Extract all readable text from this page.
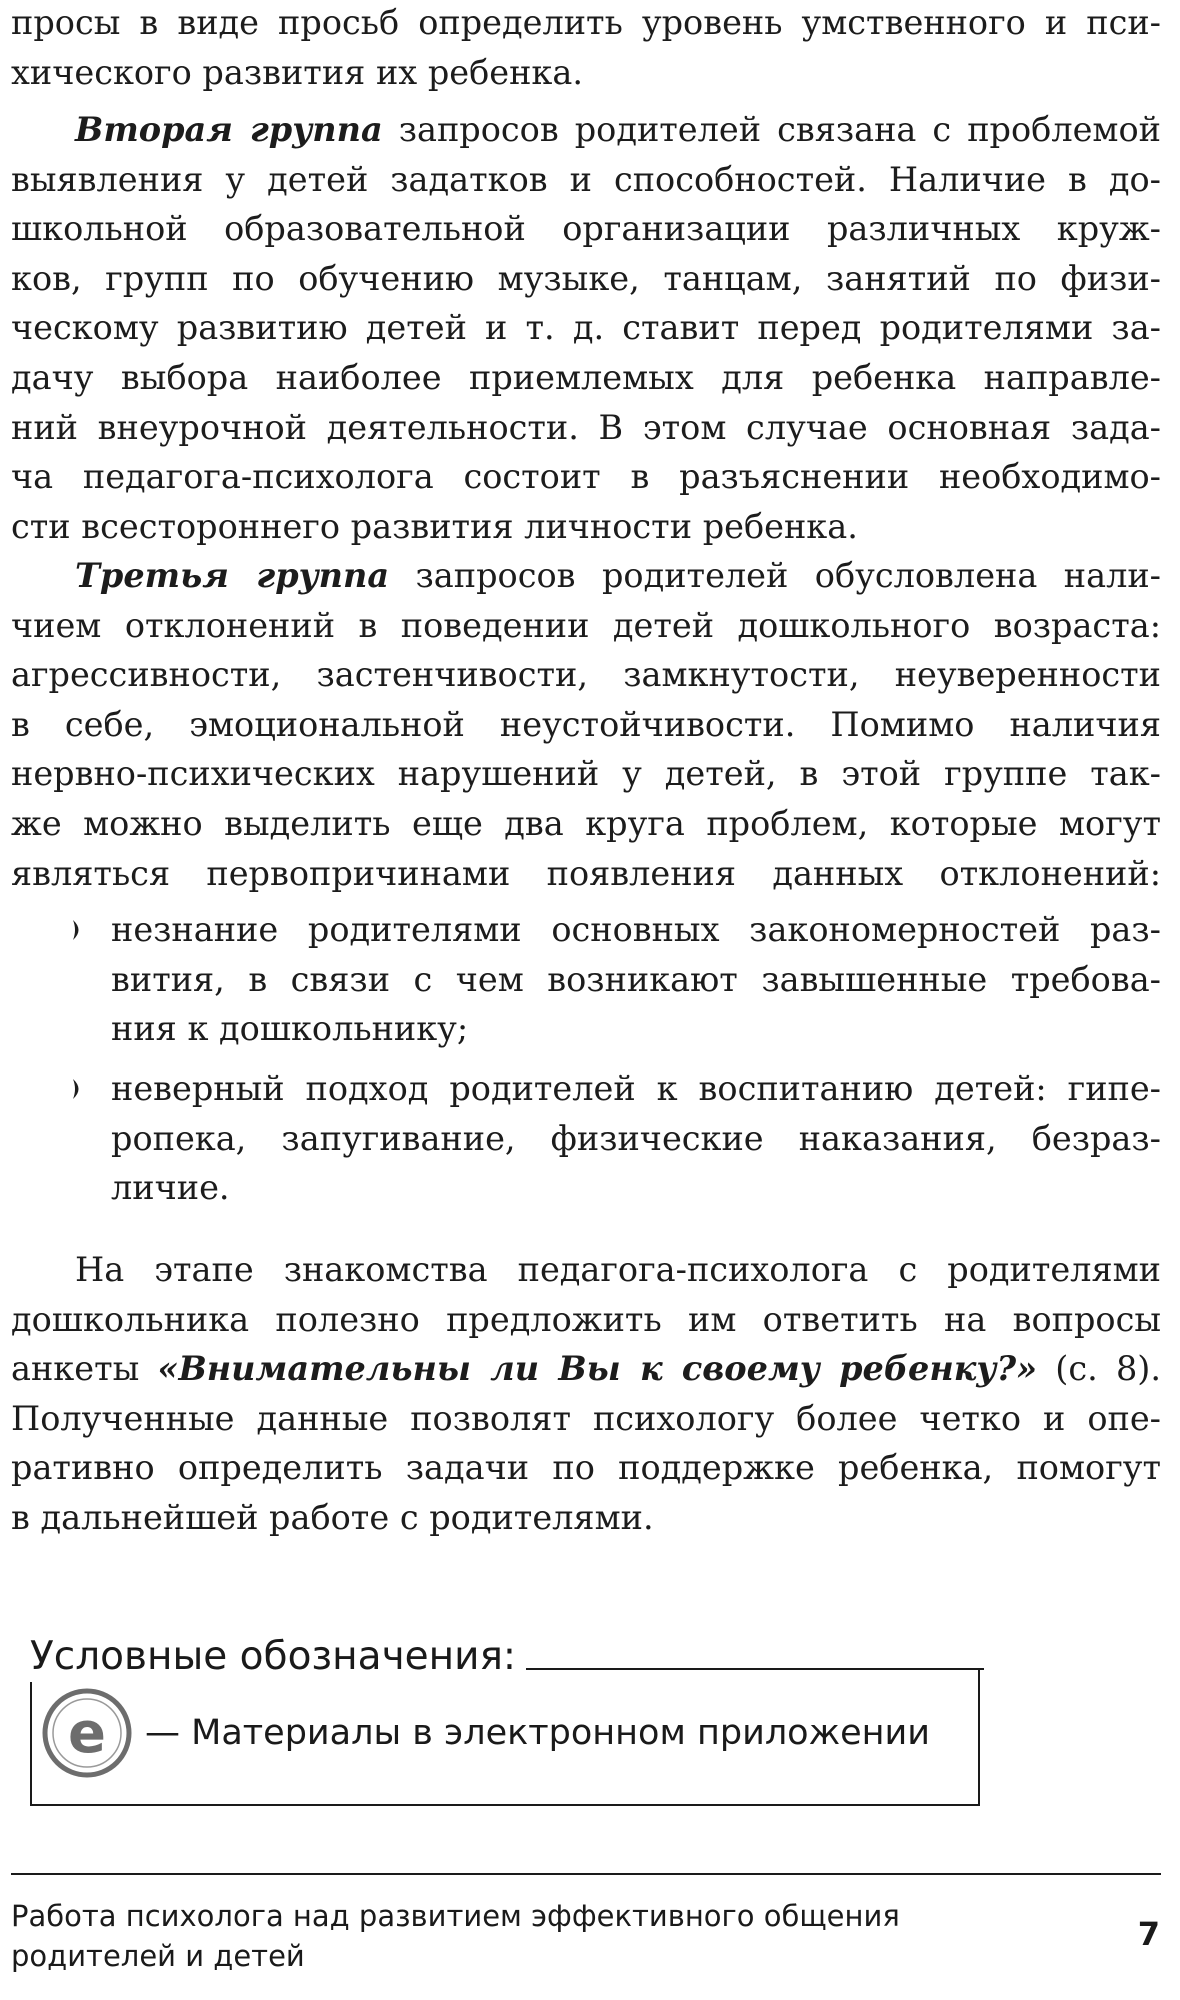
просы в виде просьб определить уровень умственного и пси-
хического развития их ребенка.
Вторая группа запросов родителей связана с проблемой
выявления у детей задатков и способностей. Наличие в до-
школьной образовательной организации различных круж-
ков, групп по обучению музыке, танцам, занятий по физи-
ческому развитию детей и т. д. ставит перед родителями за-
дачу выбора наиболее приемлемых для ребенка направле-
ний внеурочной деятельности. В этом случае основная зада-
ча педагога-психолога состоит в разъяснении необходимо-
сти всестороннего развития личности ребенка.
Третья группа запросов родителей обусловлена нали-
чием отклонений в поведении детей дошкольного возраста:
агрессивности, застенчивости, замкнутости, неуверенности
в себе, эмоциональной неустойчивости. Помимо наличия
нервно-психических нарушений у детей, в этой группе так-
же можно выделить еще два круга проблем, которые могут
являться первопричинами появления данных отклонений:
незнание родителями основных закономерностей раз-
вития, в связи с чем возникают завышенные требова-
ния к дошкольнику;
неверный подход родителей к воспитанию детей: гипе-
ропека, запугивание, физические наказания, безраз-
личие.
На этапе знакомства педагога-психолога с родителями
дошкольника полезно предложить им ответить на вопросы
анкеты «Внимательны ли Вы к своему ребенку?» (с. 8).
Полученные данные позволят психологу более четко и опе-
ративно определить задачи по поддержке ребенка, помогут
в дальнейшей работе с родителями.
Условные обозначения:
e — Материалы в электронном приложении
Работа психолога над развитием эффективного общения
родителей и детей
7
